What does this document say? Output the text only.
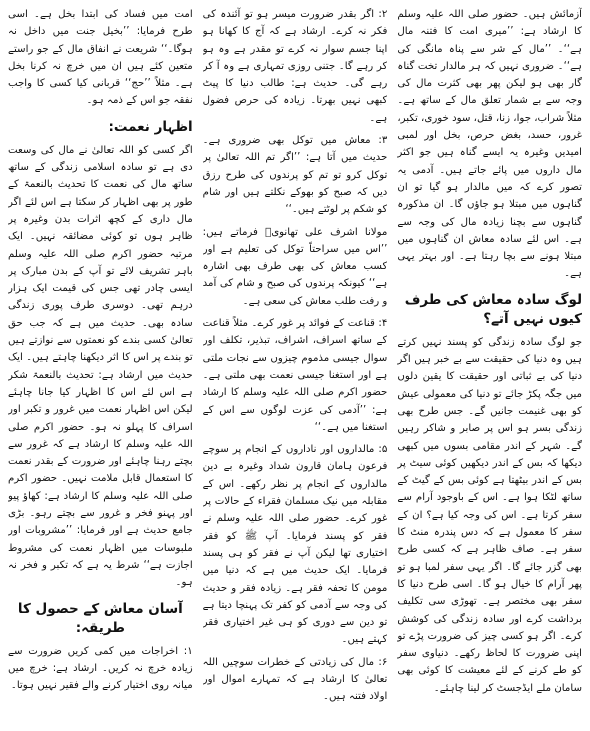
امت میں فساد کی ابتدا بخل ہے۔ اسی طرح فرمایا: ’’بخیل جنت میں داخل نہ ہوگا۔‘‘ شریعت نے انفاق مال کے جو راستے متعین کئے ہیں ان میں خرچ نہ کرنا بخل ہے۔ مثلاً ’’حج‘‘ قربانی کیا کسی کا واجب نفقہ جو اس کے ذمہ ہو۔

اظہار نعمت:

اگر کسی کو اللہ تعالیٰ نے مال کی وسعت دی ہے تو سادہ اسلامی زندگی کے ساتھ ساتھ مال کی نعمت کا تحدیث بالنعمۃ کے طور پر بھی اظہار کر سکتا ہے اس لئے اگر مال داری کے کچھ اثرات بدن وغیرہ پر ظاہر ہوں تو کوئی مضائقہ نہیں۔ ایک مرتبہ حضور اکرم صلی اللہ علیہ وسلم باہر تشریف لائے تو آپ کے بدن مبارک پر ایسی چادر تھی جس کی قیمت ایک ہزار درہم تھی۔ دوسری طرف پوری زندگی سادہ بھی۔ حدیث میں ہے کہ جب حق تعالیٰ کسی بندے کو نعمتوں سے نوازتے ہیں تو بندے پر اس کا اثر دیکھنا چاہتے ہیں۔ ایک حدیث میں ارشاد ہے: تحدیث بالنعمۃ شکر ہے اس لئے اس کا اظہار کیا جانا چاہئے لیکن اس اظہار نعمت میں غرور و تکبر اور اسراف کا پہلو نہ ہو۔ حضور اکرم صلی اللہ علیہ وسلم کا ارشاد ہے کہ غرور سے بچتے رہنا چاہئے اور ضرورت کے بقدر نعمت کا استعمال قابل ملامت نہیں۔ حضور اکرم صلی اللہ علیہ وسلم کا ارشاد ہے: کھاؤ پیو اور پہنو فخر و غرور سے بچتے رہو۔ بڑی جامع حدیث ہے اور فرمایا: ’’مشروبات اور ملبوسات میں اظہار نعمت کی مشروط اجازت ہے‘‘ شرط یہ ہے کہ تکبر و فخر نہ ہو۔

آسان معاش کے حصول کا طریقہ:

۱: اخراجات میں کمی کریں ضرورت سے زیادہ خرچ نہ کریں۔ ارشاد ہے: خرچ میں میانہ روی اختیار کرنے والے فقیر نہیں ہوتا۔

۲: اگر بقدر ضرورت میسر ہو تو آئندہ کی فکر نہ کرے۔ ارشاد ہے کہ آج کا کھانا ہو اپنا جسم سوار نہ کرے تو مقدر ہے وہ ہو کر رہے گا۔ جتنی روزی تمہاری ہے وہ آ کر رہے گی۔ حدیث ہے: طالب دنیا کا پیٹ کبھی نہیں بھرتا۔ زیادہ کی حرص فضول ہے۔

۳: معاش میں توکل بھی ضروری ہے۔ حدیث میں آتا ہے: ’’اگر تم اللہ تعالیٰ پر توکل کرو تو تم کو پرندوں کی طرح رزق دیں کہ صبح کو بھوکے نکلتے ہیں اور شام کو شکم پر لوٹتے ہیں۔‘‘

مولانا اشرف علی تھانویؒ فرماتے ہیں: ’’اس میں سراحتاً توکل کی تعلیم ہے اور کسب معاش کی بھی طرف بھی اشارہ ہے‘‘ کیونکہ پرندوں کی صبح و شام کی آمد و رفت طلب معاش کی سعی ہے۔

۴: قناعت کے فوائد پر غور کرے۔ مثلاً قناعت کے ساتھ اسراف، اشراف، تبذیر، تکلف اور سوال جیسی مذموم چیزوں سے نجات ملتی ہے اور استغنا جیسی نعمت بھی ملتی ہے۔ حضور اکرم صلی اللہ علیہ وسلم کا ارشاد ہے: ’’آدمی کی عزت لوگوں سے اس کے استغنا میں ہے۔‘‘

۵: مالداروں اور ناداروں کے انجام پر سوچے فرعون ہامان قارون شداد وغیرہ بے دین مالداروں کے انجام پر نظر رکھے۔ اس کے مقابلہ میں نیک مسلمان فقراء کے حالات پر غور کرے۔ حضور صلی اللہ علیہ وسلم نے فقر کو پسند فرمایا۔ آپ ﷺ کو فقر اختیاری تھا لیکن آپ نے فقر کو ہی پسند فرمایا۔ ایک حدیث میں ہے کہ دنیا میں مومن کا تحفہ فقر ہے۔ زیادہ فقر و حدیث کی وجہ سے آدمی کو کفر تک پہنچا دیتا ہے تو دین سے دوری کو ہی غیر اختیاری فقر کہتے ہیں۔

۶: مال کی زیادتی کے خطرات سوچیں اللہ تعالیٰ کا ارشاد ہے کہ تمہارے اموال اور اولاد فتنہ ہیں۔

آزمائش ہیں۔ حضور صلی اللہ علیہ وسلم کا ارشاد ہے: ’’میری امت کا فتنہ مال ہے‘‘۔ ’’مال کے شر سے پناہ مانگی کی ہے‘‘۔ ضروری نہیں کہ ہر مالدار تخت گناہ گار بھی ہو لیکن پھر بھی کثرت مال کی وجہ سے بے شمار تعلق مال کے ساتھ ہے۔ مثلاً شراب، جوا، زنا، قتل، سود خوری، تکبر، غرور، حسد، بغض حرص، بخل اور لمبی امیدیں وغیرہ یہ ایسے گناہ ہیں جو اکثر مال داروں میں پائے جاتے ہیں۔ آدمی یہ تصور کرے کہ میں مالدار ہو گیا تو ان گناہوں میں مبتلا ہو جاؤں گا۔ ان مذکورہ گناہوں سے بچنا زیادہ مال کی وجہ سے ہے۔ اس لئے سادہ معاش ان گناہوں میں مبتلا ہونے سے بچا رہتا ہے۔ اور بہتر یہی ہے۔

لوگ سادہ معاش کی طرف کیوں نہیں آتے؟

جو لوگ سادہ زندگی کو پسند نہیں کرتے ہیں وہ دنیا کی حقیقت سے بے خبر ہیں اگر دنیا کی بے ثباتی اور حقیقت کا یقین دلوں میں جگہ پکڑ جائے تو دنیا کی معمولی عیش کو بھی غنیمت جانیں گے۔ جس طرح بھی زندگی بسر ہو اس پر صابر و شاکر رہیں گے۔ شہر کے اندر مقامی بسوں میں کبھی دیکھا کہ بس کے اندر دیکھیں کوئی سیٹ پر بس کے اندر بیٹھتا ہے کوئی بس کے گیٹ کے ساتھ لٹکا ہوا ہے۔ اس کے باوجود آرام سے سفر کرتا ہے۔ اس کی وجہ کیا ہے؟ ان کے سفر کا معمول ہے کہ دس پندرہ منٹ کا سفر ہے۔ صاف ظاہر ہے کہ کسی طرح بھی گزر جائے گا۔ اگر یہی سفر لمبا ہو تو پھر آرام کا خیال ہو گا۔ اسی طرح دنیا کا سفر بھی مختصر ہے۔ تھوڑی سی تکلیف برداشت کرے اور سادہ زندگی کی کوشش کرے۔ اگر ہو کسی چیز کی ضرورت پڑے تو اپنی ضرورت کا لحاظ رکھے۔ دنیاوی سفر کو طے کرنے کے لئے معیشت کا کوئی بھی سامان ملے ایڈجسٹ کر لینا چاہئے۔
